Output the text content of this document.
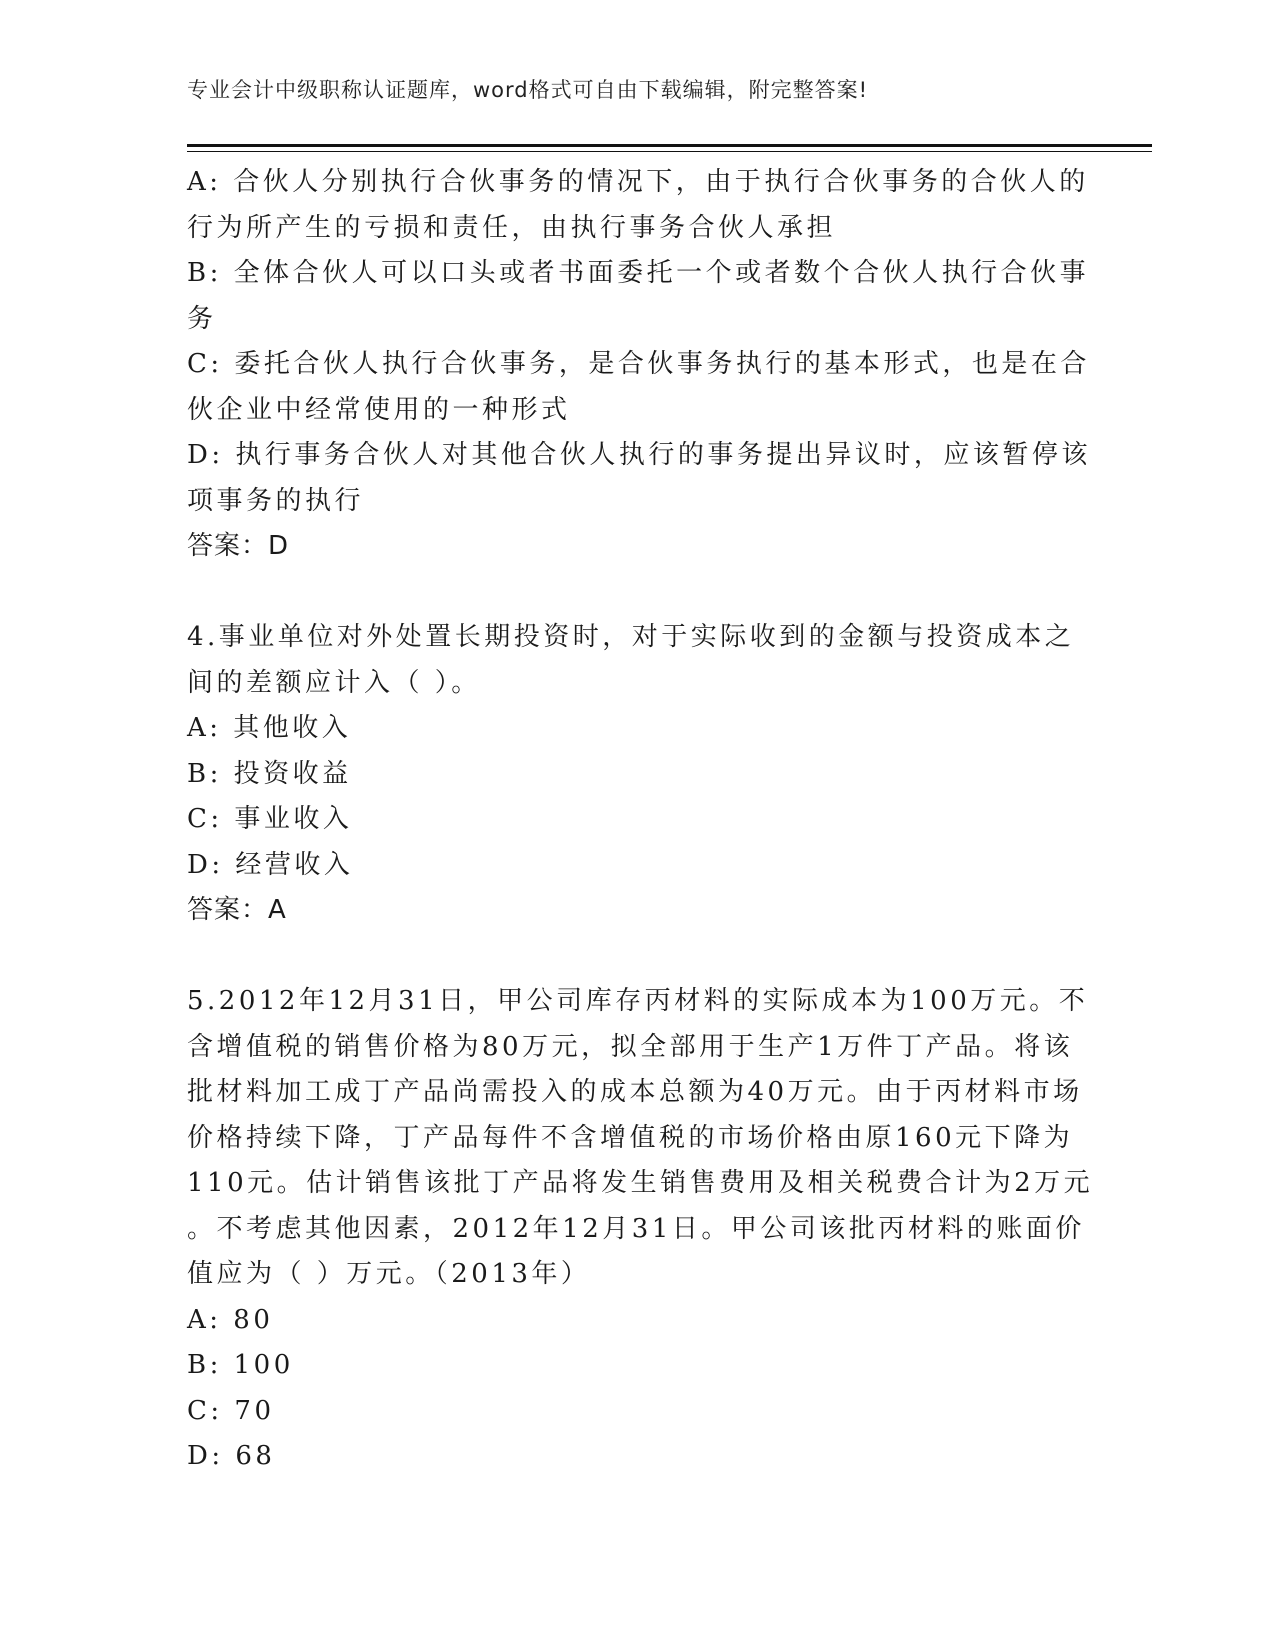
专业会计中级职称认证题库，word格式可自由下载编辑，附完整答案!
A: 合伙人分别执行合伙事务的情况下，由于执行合伙事务的合伙人的
行为所产生的亏损和责任，由执行事务合伙人承担
B: 全体合伙人可以口头或者书面委托一个或者数个合伙人执行合伙事
务
C: 委托合伙人执行合伙事务，是合伙事务执行的基本形式，也是在合
伙企业中经常使用的一种形式
D: 执行事务合伙人对其他合伙人执行的事务提出异议时，应该暂停该
项事务的执行
答案：D
4.事业单位对外处置长期投资时，对于实际收到的金额与投资成本之
间的差额应计入（ ）。
A: 其他收入
B: 投资收益
C: 事业收入
D: 经营收入
答案：A
5.2012年12月31日，甲公司库存丙材料的实际成本为100万元。不
含增值税的销售价格为80万元，拟全部用于生产1万件丁产品。将该
批材料加工成丁产品尚需投入的成本总额为40万元。由于丙材料市场
价格持续下降，丁产品每件不含增值税的市场价格由原160元下降为
110元。估计销售该批丁产品将发生销售费用及相关税费合计为2万元
。不考虑其他因素，2012年12月31日。甲公司该批丙材料的账面价
值应为（ ）万元。（2013年）
A: 80
B: 100
C: 70
D: 68
